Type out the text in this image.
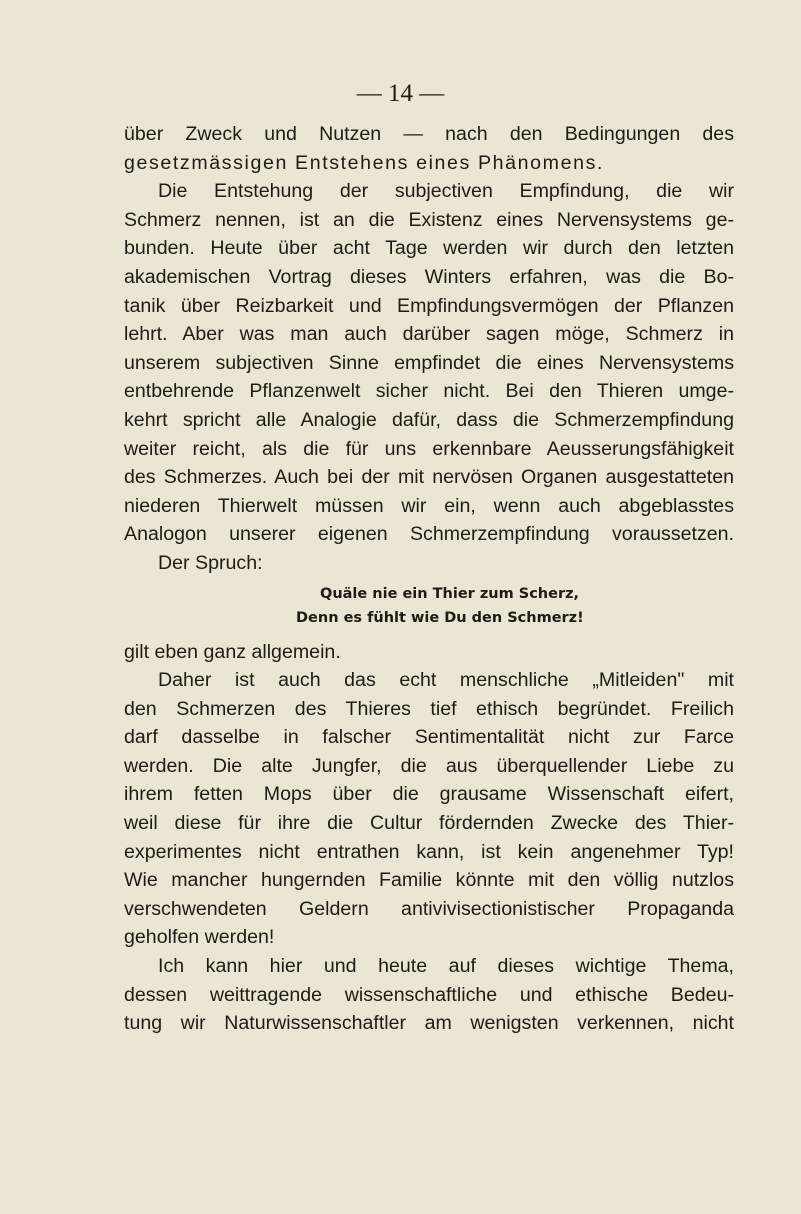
— 14 —
über Zweck und Nutzen — nach den Bedingungen des
gesetzmässigen Entstehens eines Phänomens.
Die Entstehung der subjectiven Empfindung, die wir
Schmerz nennen, ist an die Existenz eines Nervensystems ge-
bunden. Heute über acht Tage werden wir durch den letzten
akademischen Vortrag dieses Winters erfahren, was die Bo-
tanik über Reizbarkeit und Empfindungsvermögen der Pflanzen
lehrt. Aber was man auch darüber sagen möge, Schmerz in
unserem subjectiven Sinne empfindet die eines Nervensystems
entbehrende Pflanzenwelt sicher nicht. Bei den Thieren umge-
kehrt spricht alle Analogie dafür, dass die Schmerzempfindung
weiter reicht, als die für uns erkennbare Aeusserungsfähigkeit
des Schmerzes. Auch bei der mit nervösen Organen ausgestatteten
niederen Thierwelt müssen wir ein, wenn auch abgeblasstes
Analogon unserer eigenen Schmerzempfindung voraussetzen.
Der Spruch:
Quäle nie ein Thier zum Scherz,
Denn es fühlt wie Du den Schmerz!
gilt eben ganz allgemein.
Daher ist auch das echt menschliche „Mitleiden" mit
den Schmerzen des Thieres tief ethisch begründet. Freilich
darf dasselbe in falscher Sentimentalität nicht zur Farce
werden. Die alte Jungfer, die aus überquellender Liebe zu
ihrem fetten Mops über die grausame Wissenschaft eifert,
weil diese für ihre die Cultur fördernden Zwecke des Thier-
experimentes nicht entrathen kann, ist kein angenehmer Typ!
Wie mancher hungernden Familie könnte mit den völlig nutzlos
verschwendeten Geldern antivivisectionistischer Propaganda
geholfen werden!
Ich kann hier und heute auf dieses wichtige Thema,
dessen weittragende wissenschaftliche und ethische Bedeu-
tung wir Naturwissenschaftler am wenigsten verkennen, nicht
